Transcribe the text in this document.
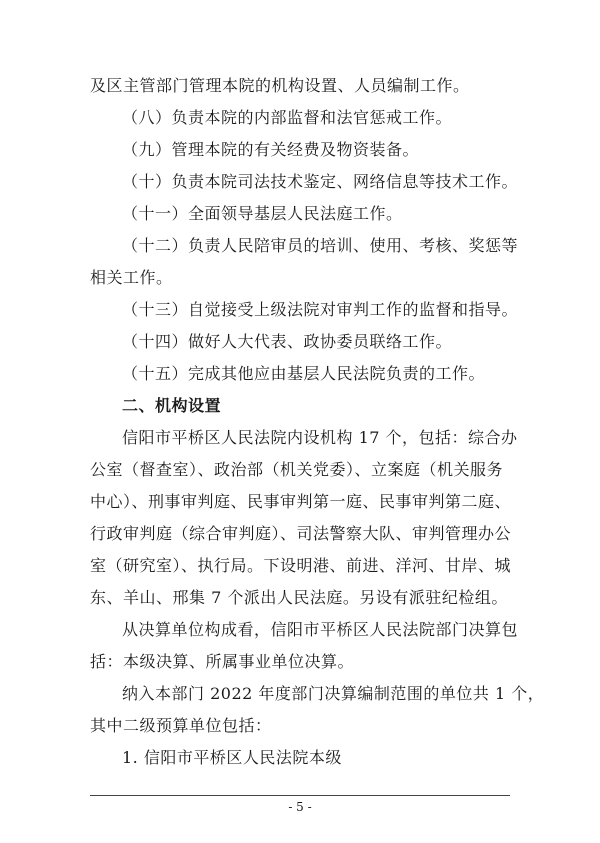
及区主管部门管理本院的机构设置、人员编制工作。
（八）负责本院的内部监督和法官惩戒工作。
（九）管理本院的有关经费及物资装备。
（十）负责本院司法技术鉴定、网络信息等技术工作。
（十一）全面领导基层人民法庭工作。
（十二）负责人民陪审员的培训、使用、考核、奖惩等
相关工作。
（十三）自觉接受上级法院对审判工作的监督和指导。
（十四）做好人大代表、政协委员联络工作。
（十五）完成其他应由基层人民法院负责的工作。
二、机构设置
信阳市平桥区人民法院内设机构 17 个，包括：综合办
公室（督查室）、政治部（机关党委）、立案庭（机关服务
中心）、刑事审判庭、民事审判第一庭、民事审判第二庭、
行政审判庭（综合审判庭）、司法警察大队、审判管理办公
室（研究室）、执行局。下设明港、前进、洋河、甘岸、城
东、羊山、邢集 7 个派出人民法庭。另设有派驻纪检组。
从决算单位构成看，信阳市平桥区人民法院部门决算包
括：本级决算、所属事业单位决算。
纳入本部门 2022 年度部门决算编制范围的单位共 1 个，
其中二级预算单位包括：
1. 信阳市平桥区人民法院本级
- 5 -
